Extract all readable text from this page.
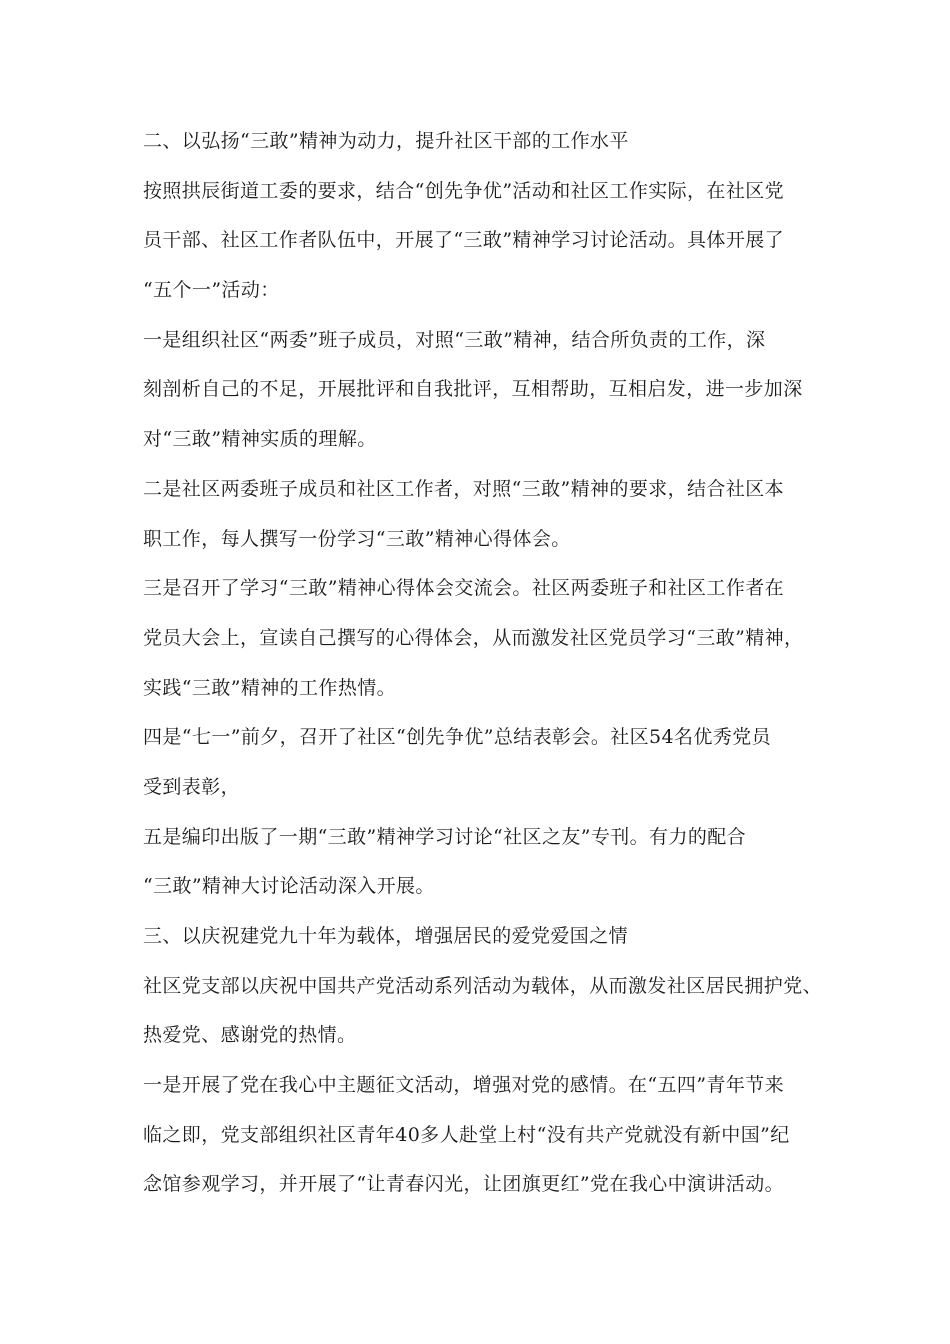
二、以弘扬“三敢”精神为动力，提升社区干部的工作水平
按照拱辰街道工委的要求，结合“创先争优”活动和社区工作实际，在社区党
员干部、社区工作者队伍中，开展了“三敢”精神学习讨论活动。具体开展了
“五个一”活动：
一是组织社区“两委”班子成员，对照“三敢”精神，结合所负责的工作，深
刻剖析自己的不足，开展批评和自我批评，互相帮助，互相启发，进一步加深
对“三敢”精神实质的理解。
二是社区两委班子成员和社区工作者，对照“三敢”精神的要求，结合社区本
职工作，每人撰写一份学习“三敢”精神心得体会。
三是召开了学习“三敢”精神心得体会交流会。社区两委班子和社区工作者在
党员大会上，宣读自己撰写的心得体会，从而激发社区党员学习“三敢”精神，
实践“三敢”精神的工作热情。
四是“七一”前夕，召开了社区“创先争优”总结表彰会。社区54名优秀党员
受到表彰，
五是编印出版了一期“三敢”精神学习讨论“社区之友”专刊。有力的配合
“三敢”精神大讨论活动深入开展。
三、以庆祝建党九十年为载体，增强居民的爱党爱国之情
社区党支部以庆祝中国共产党活动系列活动为载体，从而激发社区居民拥护党、
热爱党、感谢党的热情。
一是开展了党在我心中主题征文活动，增强对党的感情。在“五四”青年节来
临之即，党支部组织社区青年40多人赴堂上村“没有共产党就没有新中国”纪
念馆参观学习，并开展了“让青春闪光，让团旗更红”党在我心中演讲活动。
